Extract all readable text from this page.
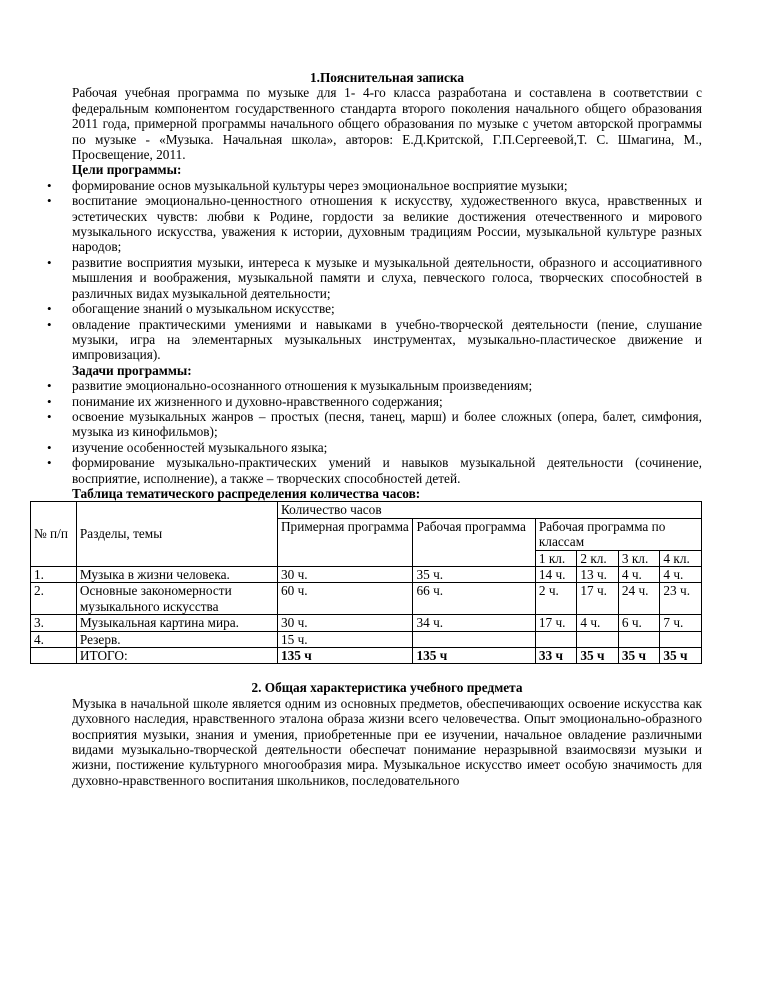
1.Пояснительная записка

Рабочая учебная программа по музыке для 1- 4-го класса разработана и составлена в соответствии с федеральным компонентом государственного стандарта второго поколения начального общего образования 2011 года, примерной программы начального общего образования по музыке с учетом авторской программы по музыке - «Музыка. Начальная школа», авторов: Е.Д.Критской, Г.П.Сергеевой,Т. С. Шмагина, М., Просвещение, 2011.

Цели программы:
• формирование основ музыкальной культуры через эмоциональное восприятие музыки;
• воспитание эмоционально-ценностного отношения к искусству, художественного вкуса, нравственных и эстетических чувств: любви к Родине, гордости за великие достижения отечественного и мирового музыкального искусства, уважения к истории, духовным традициям России, музыкальной культуре разных народов;
• развитие восприятия музыки, интереса к музыке и музыкальной деятельности, образного и ассоциативного мышления и воображения, музыкальной памяти и слуха, певческого голоса, творческих способностей в различных видах музыкальной деятельности;
• обогащение знаний о музыкальном искусстве;
• овладение практическими умениями и навыками в учебно-творческой деятельности (пение, слушание музыки, игра на элементарных музыкальных инструментах, музыкально-пластическое движение и импровизация).
Задачи программы:
• развитие эмоционально-осознанного отношения к музыкальным произведениям;
• понимание их жизненного и духовно-нравственного содержания;
• освоение музыкальных жанров – простых (песня, танец, марш) и более сложных (опера, балет, симфония, музыка из кинофильмов);
• изучение особенностей музыкального языка;
• формирование музыкально-практических умений и навыков музыкальной деятельности (сочинение, восприятие, исполнение), а также – творческих способностей детей.
Таблица тематического распределения количества часов:
№ п/п	Разделы, темы	Количество часов					
		Примерная программа	Рабочая программа	Рабочая программа по классам			
				1 кл.	2 кл.	3 кл.	4 кл.
1.	Музыка в жизни человека.	30 ч.	35 ч.	14 ч.	13 ч.	4 ч.	4 ч.
2.	Основные закономерности музыкального искусства	60 ч.	66 ч.	2 ч.	17 ч.	24 ч.	23 ч.
3.	Музыкальная картина мира.	30 ч.	34 ч.	17 ч.	4 ч.	6 ч.	7 ч.
4.	Резерв.	15 ч.					
	ИТОГО:	135 ч	135 ч	33 ч	35 ч	35 ч	35 ч
2. Общая характеристика учебного предмета

Музыка в начальной школе является одним из основных предметов, обеспечивающих освоение искусства как духовного наследия, нравственного эталона образа жизни всего человечества. Опыт эмоционально-образного восприятия музыки, знания и умения, приобретенные при ее изучении, начальное овладение различными видами музыкально-творческой деятельности обеспечат понимание неразрывной взаимосвязи музыки и жизни, постижение культурного многообразия мира. Музыкальное искусство имеет особую значимость для духовно-нравственного воспитания школьников, последовательного
